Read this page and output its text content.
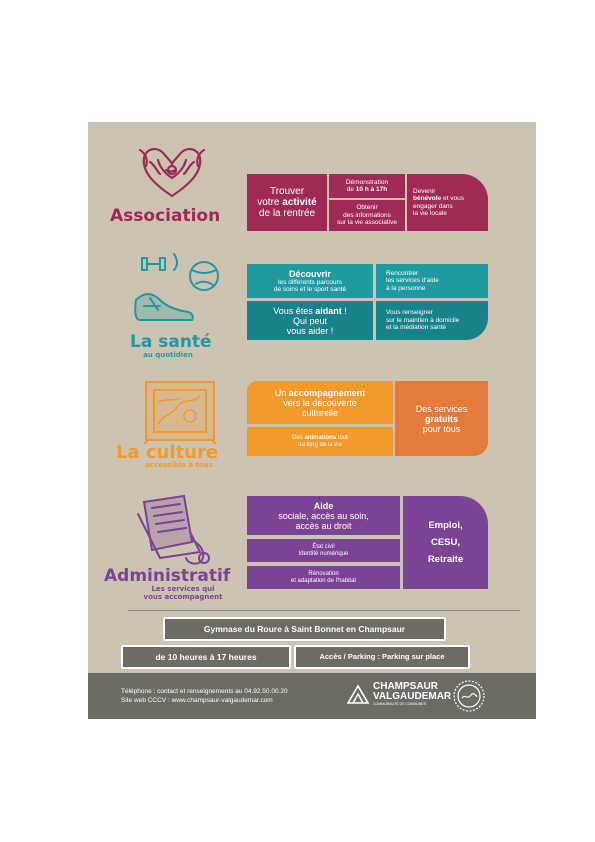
Association
Trouver
votre activité
de la rentrée
Démonstration
de 10 h à 17h
Obtenir
des informations
sur la vie associative
Devenir
bénévole et vous
engager dans
la vie locale
La santé
au quotidien
Découvrir
les différents parcours
de soins et le sport santé
Rencontrer
les services d'aide
à la personne
Vous êtes aidant !
Qui peut
vous aider !
Vous renseigner
sur le maintien à domicile
et la médiation santé
La culture
accessible à tous
Un accompagnement
vers la découverte
culturelle	Des services
gratuits
pour tous
Des animations tout
au long de la vie
Administratif
Les services qui
vous accompagnent
Aide
sociale, accès au soin,
accès au droit
État civil
Identité numérique
Rénovation
et adaptation de l'habitat
Emploi,
CESU,
Retraite
Gymnase du Roure à Saint Bonnet en Champsaur
de 10 heures à 17 heures	Accès / Parking : Parking sur place
Téléphone : contact et renseignements au 04.92.50.00.20
Site web CCCV : www.champsaur-valgaudemar.com
CHAMPSAUR
VALGAUDEMAR
COMMUNAUTÉ DE COMMUNES
